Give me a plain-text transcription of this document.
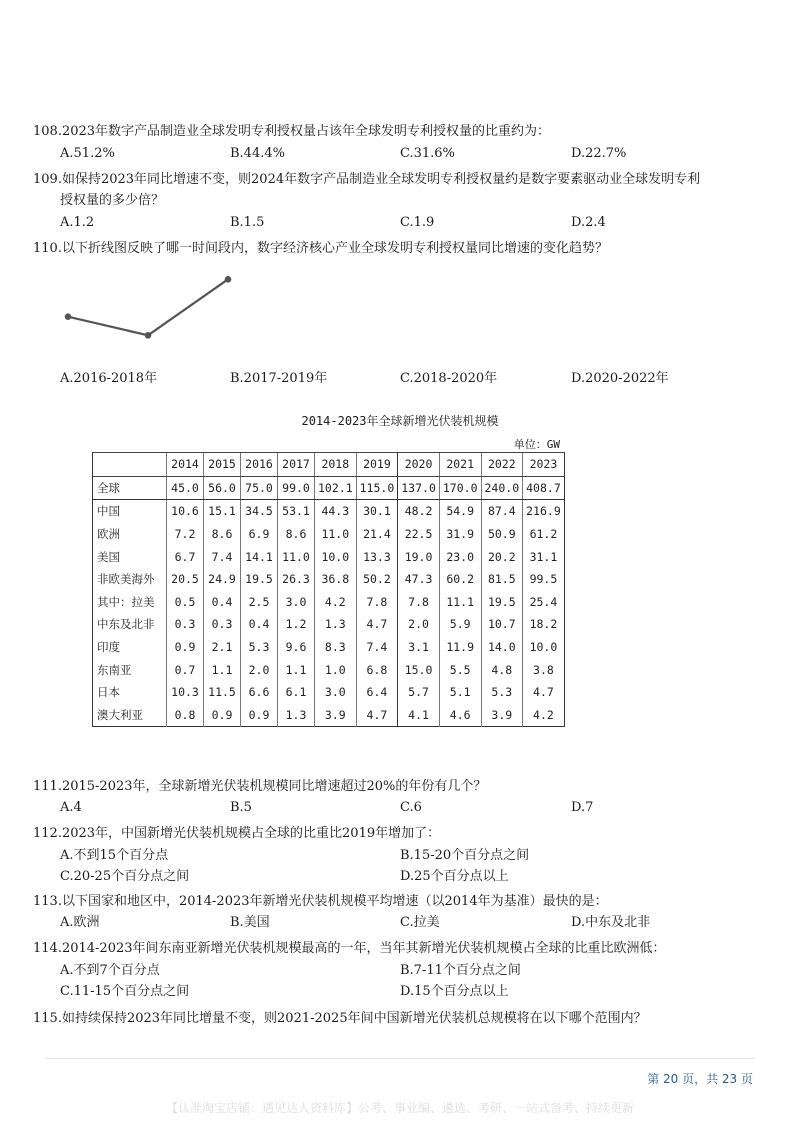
108.2023年数字产品制造业全球发明专利授权量占该年全球发明专利授权量的比重约为：
A.51.2%	B.44.4%	C.31.6%	D.22.7%
109.如保持2023年同比增速不变，则2024年数字产品制造业全球发明专利授权量约是数字要素驱动业全球发明专利
授权量的多少倍？
A.1.2	B.1.5	C.1.9	D.2.4
110.以下折线图反映了哪一时间段内，数字经济核心产业全球发明专利授权量同比增速的变化趋势？
A.2016-2018年	B.2017-2019年	C.2018-2020年	D.2020-2022年
2014-2023年全球新增光伏装机规模
单位：GW
	2014	2015	2016	2017	2018	2019	2020	2021	2022	2023
全球	45.0	56.0	75.0	99.0	102.1	115.0	137.0	170.0	240.0	408.7
中国	10.6	15.1	34.5	53.1	44.3	30.1	48.2	54.9	87.4	216.9
欧洲	7.2	8.6	6.9	8.6	11.0	21.4	22.5	31.9	50.9	61.2
美国	6.7	7.4	14.1	11.0	10.0	13.3	19.0	23.0	20.2	31.1
非欧美海外	20.5	24.9	19.5	26.3	36.8	50.2	47.3	60.2	81.5	99.5
其中：拉美	0.5	0.4	2.5	3.0	4.2	7.8	7.8	11.1	19.5	25.4
中东及北非	0.3	0.3	0.4	1.2	1.3	4.7	2.0	5.9	10.7	18.2
印度	0.9	2.1	5.3	9.6	8.3	7.4	3.1	11.9	14.0	10.0
东南亚	0.7	1.1	2.0	1.1	1.0	6.8	15.0	5.5	4.8	3.8
日本	10.3	11.5	6.6	6.1	3.0	6.4	5.7	5.1	5.3	4.7
澳大利亚	0.8	0.9	0.9	1.3	3.9	4.7	4.1	4.6	3.9	4.2
111.2015-2023年，全球新增光伏装机规模同比增速超过20%的年份有几个？
A.4	B.5	C.6	D.7
112.2023年，中国新增光伏装机规模占全球的比重比2019年增加了：
A.不到15个百分点	B.15-20个百分点之间
C.20-25个百分点之间	D.25个百分点以上
113.以下国家和地区中，2014-2023年新增光伏装机规模平均增速（以2014年为基准）最快的是：
A.欧洲	B.美国	C.拉美	D.中东及北非
114.2014-2023年间东南亚新增光伏装机规模最高的一年，当年其新增光伏装机规模占全球的比重比欧洲低：
A.不到7个百分点	B.7-11个百分点之间
C.11-15个百分点之间	D.15个百分点以上
115.如持续保持2023年同比增量不变，则2021-2025年间中国新增光伏装机总规模将在以下哪个范围内？
第 20 页，共 23 页
【认准淘宝店铺：遇见达人资料库】公考、事业编、遴选、考研、一站式备考、持续更新
